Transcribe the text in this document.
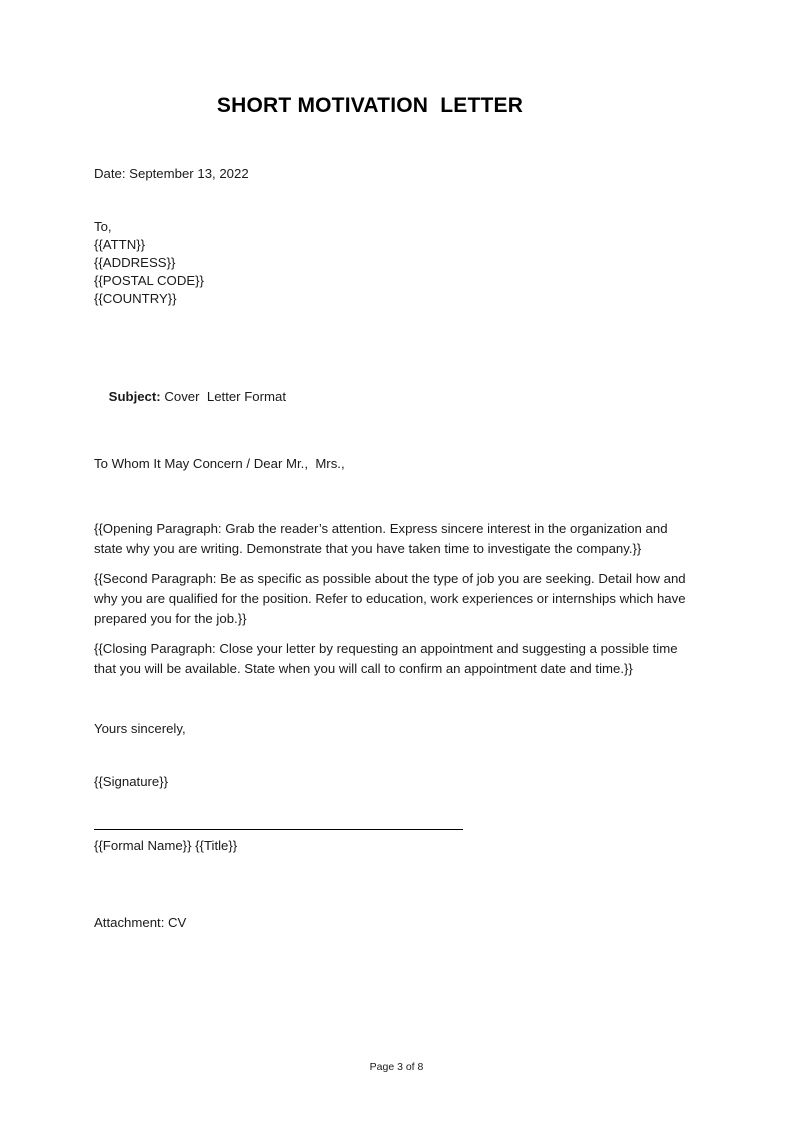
SHORT MOTIVATION  LETTER
Date: September 13, 2022
To,
{{ATTN}}
{{ADDRESS}}
{{POSTAL CODE}}
{{COUNTRY}}

Subject: Cover  Letter Format

To Whom It May Concern / Dear Mr.,  Mrs.,

{{Opening Paragraph: Grab the reader’s attention. Express sincere interest in the organization and state why you are writing. Demonstrate that you have taken time to investigate the company.}}

{{Second Paragraph: Be as specific as possible about the type of job you are seeking. Detail how and why you are qualified for the position. Refer to education, work experiences or internships which have prepared you for the job.}}

{{Closing Paragraph: Close your letter by requesting an appointment and suggesting a possible time that you will be available. State when you will call to confirm an appointment date and time.}}

Yours sincerely,
{{Signature}}
{{Formal Name}} {{Title}}
Attachment: CV
Page 3 of 8
